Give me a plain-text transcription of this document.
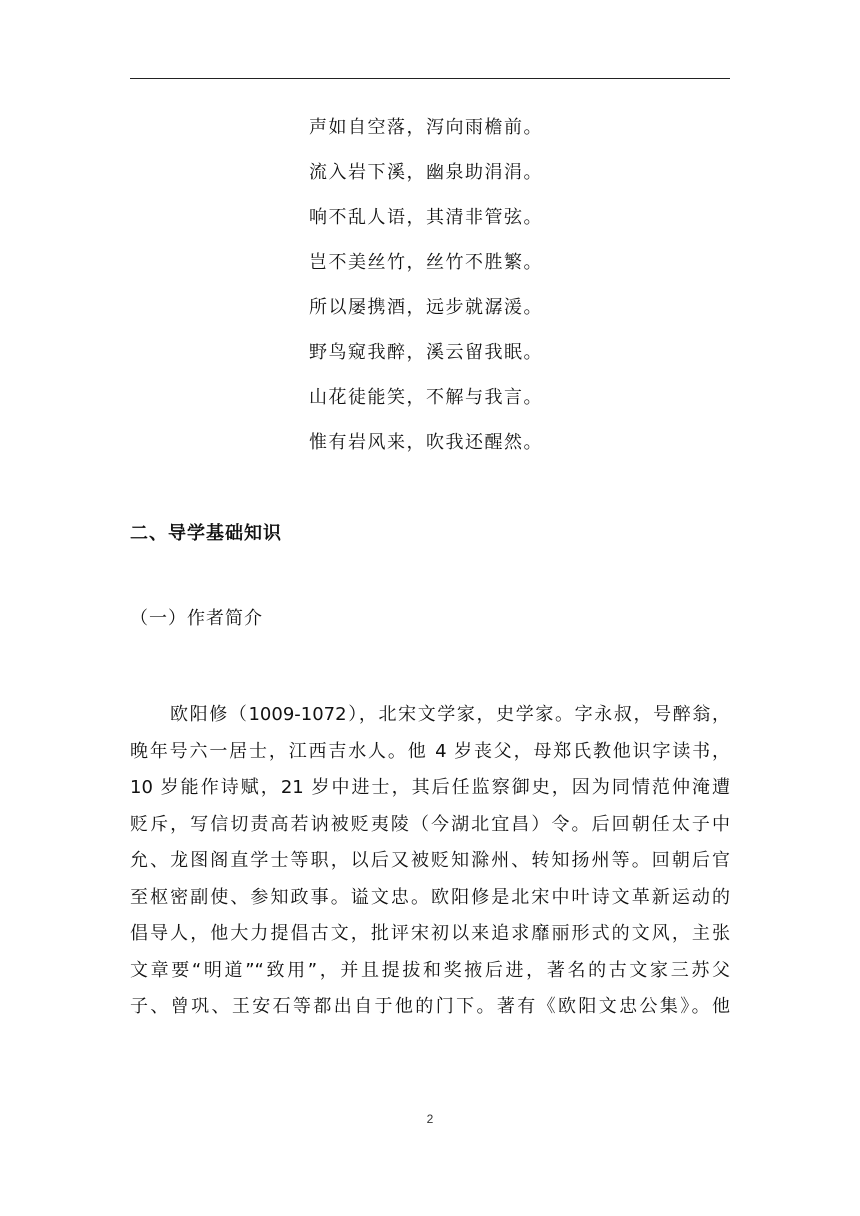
声如自空落，泻向雨檐前。
流入岩下溪，幽泉助涓涓。
响不乱人语，其清非管弦。
岂不美丝竹，丝竹不胜繁。
所以屡携酒，远步就潺湲。
野鸟窥我醉，溪云留我眠。
山花徒能笑，不解与我言。
惟有岩风来，吹我还醒然。
二、导学基础知识
（一）作者简介
欧阳修（1009-1072），北宋文学家，史学家。字永叔，号醉翁，
晚年号六一居士，江西吉水人。他 4 岁丧父，母郑氏教他识字读书，
10 岁能作诗赋，21 岁中进士，其后任监察御史，因为同情范仲淹遭
贬斥，写信切责高若讷被贬夷陵（今湖北宜昌）令。后回朝任太子中
允、龙图阁直学士等职，以后又被贬知滁州、转知扬州等。回朝后官
至枢密副使、参知政事。谥文忠。欧阳修是北宋中叶诗文革新运动的
倡导人，他大力提倡古文，批评宋初以来追求靡丽形式的文风，主张
文章要“明道”“致用”，并且提拔和奖掖后进，著名的古文家三苏父
子、曾巩、王安石等都出自于他的门下。著有《欧阳文忠公集》。他
2
